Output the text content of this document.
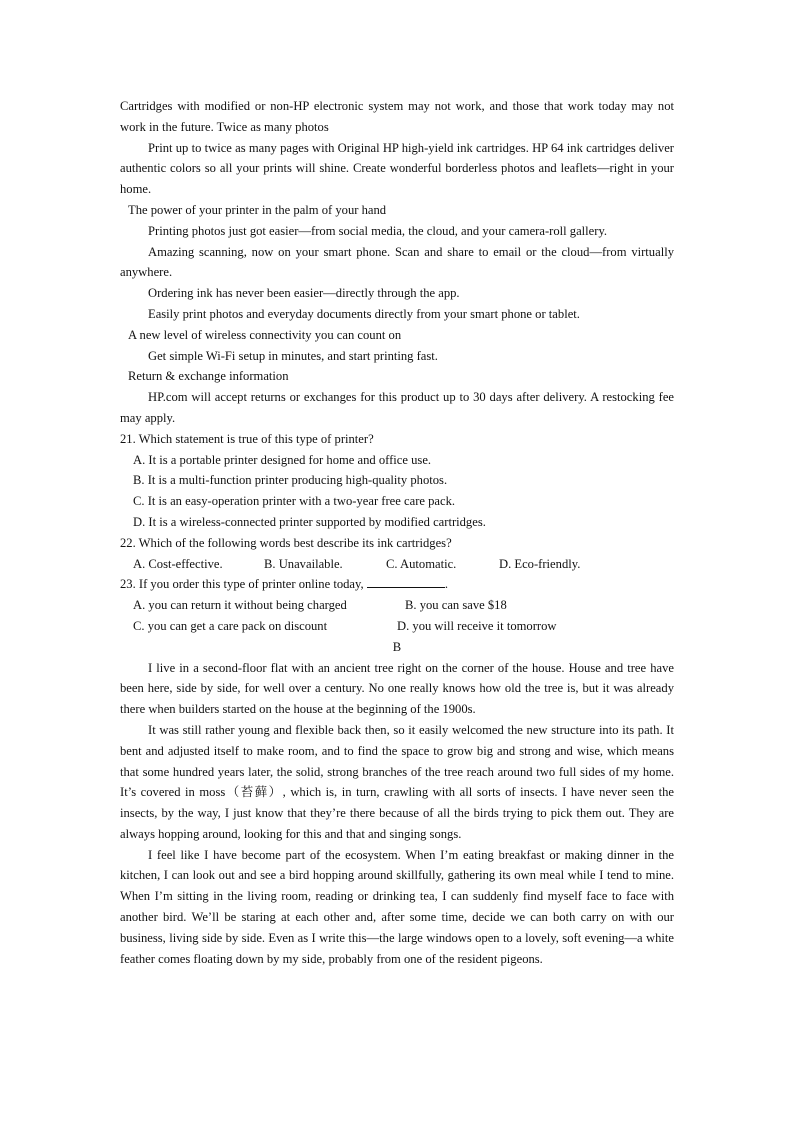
Cartridges with modified or non-HP electronic system may not work, and those that work today may not work in the future. Twice as many photos

Print up to twice as many pages with Original HP high-yield ink cartridges. HP 64 ink cartridges deliver authentic colors so all your prints will shine. Create wonderful borderless photos and leaflets—right in your home.

The power of your printer in the palm of your hand

Printing photos just got easier—from social media, the cloud, and your camera-roll gallery.

Amazing scanning, now on your smart phone. Scan and share to email or the cloud—from virtually anywhere.

Ordering ink has never been easier—directly through the app.

Easily print photos and everyday documents directly from your smart phone or tablet.

A new level of wireless connectivity you can count on

Get simple Wi-Fi setup in minutes, and start printing fast.

Return & exchange information

HP.com will accept returns or exchanges for this product up to 30 days after delivery. A restocking fee may apply.

21. Which statement is true of this type of printer?

A. It is a portable printer designed for home and office use.

B. It is a multi-function printer producing high-quality photos.

C. It is an easy-operation printer with a two-year free care pack.

D. It is a wireless-connected printer supported by modified cartridges.

22. Which of the following words best describe its ink cartridges?

A. Cost-effective.	B. Unavailable.	C. Automatic.	D. Eco-friendly.

23. If you order this type of printer online today,	.

A. you can return it without being charged	B. you can save $18

C. you can get a care pack on discount	D. you will receive it tomorrow

B

I live in a second-floor flat with an ancient tree right on the corner of the house. House and tree have been here, side by side, for well over a century. No one really knows how old the tree is, but it was already there when builders started on the house at the beginning of the 1900s.

It was still rather young and flexible back then, so it easily welcomed the new structure into its path. It bent and adjusted itself to make room, and to find the space to grow big and strong and wise, which means that some hundred years later, the solid, strong branches of the tree reach around two full sides of my home. It’s covered in moss（苔藓）, which is, in turn, crawling with all sorts of insects. I have never seen the insects, by the way, I just know that they’re there because of all the birds trying to pick them out. They are always hopping around, looking for this and that and singing songs.

I feel like I have become part of the ecosystem. When I’m eating breakfast or making dinner in the kitchen, I can look out and see a bird hopping around skillfully, gathering its own meal while I tend to mine. When I’m sitting in the living room, reading or drinking tea, I can suddenly find myself face to face with another bird. We’ll be staring at each other and, after some time, decide we can both carry on with our business, living side by side. Even as I write this—the large windows open to a lovely, soft evening—a white feather comes floating down by my side, probably from one of the resident pigeons.
